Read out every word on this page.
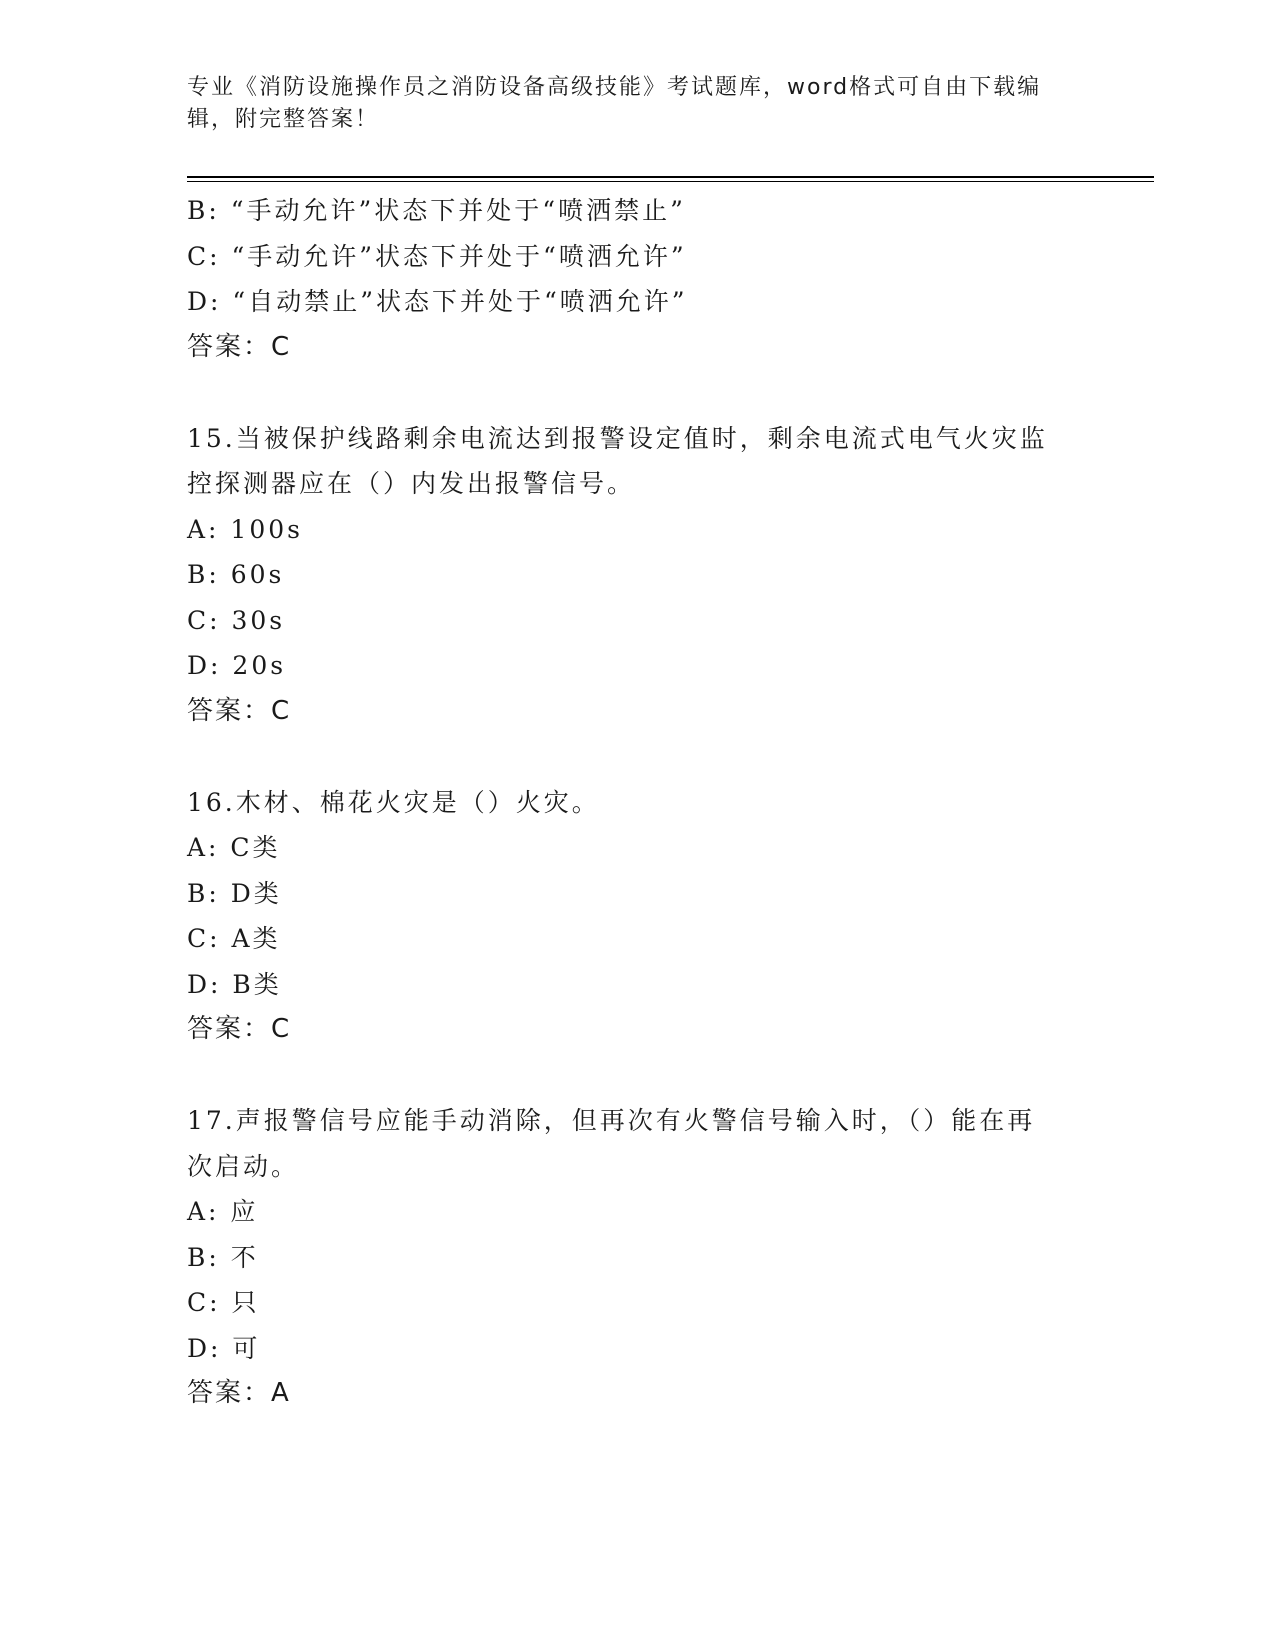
专业《消防设施操作员之消防设备高级技能》考试题库，word格式可自由下载编
辑，附完整答案！
B: “手动允许”状态下并处于“喷洒禁止”
C: “手动允许”状态下并处于“喷洒允许”
D: “自动禁止”状态下并处于“喷洒允许”
答案：C
15.当被保护线路剩余电流达到报警设定值时，剩余电流式电气火灾监
控探测器应在（）内发出报警信号。
A: 100s
B: 60s
C: 30s
D: 20s
答案：C
16.木材、棉花火灾是（）火灾。
A: C类
B: D类
C: A类
D: B类
答案：C
17.声报警信号应能手动消除，但再次有火警信号输入时，（）能在再
次启动。
A: 应
B: 不
C: 只
D: 可
答案：A
